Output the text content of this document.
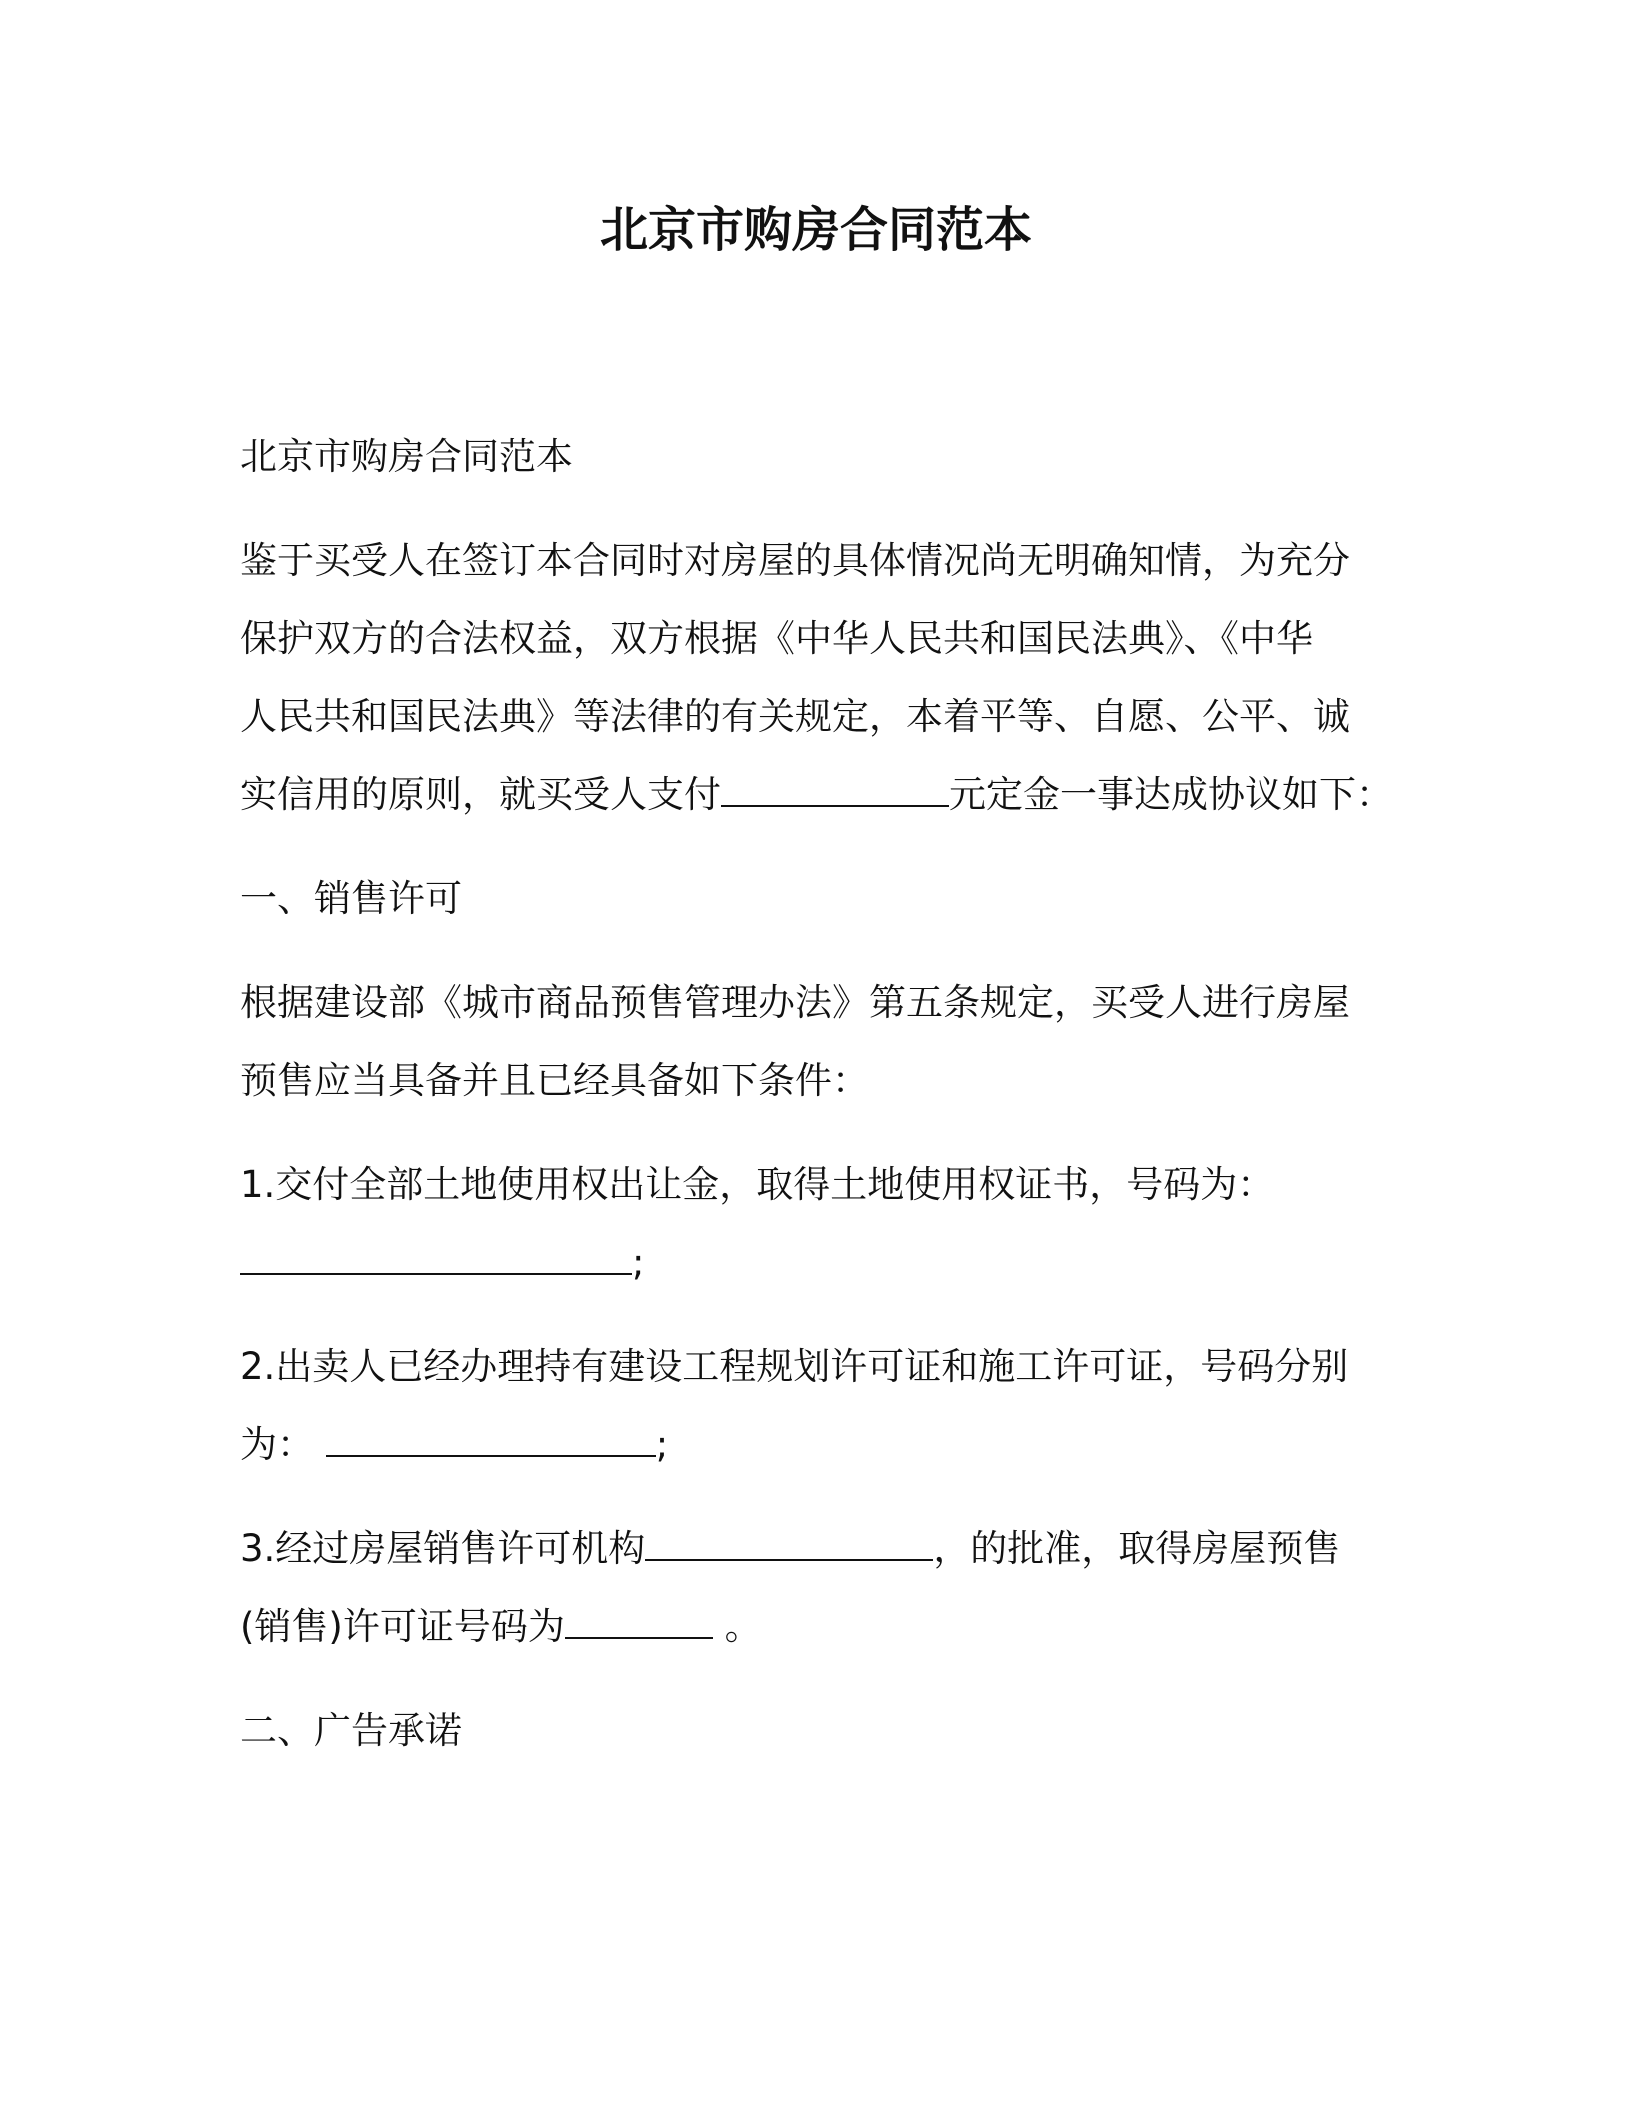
北京市购房合同范本

北京市购房合同范本

鉴于买受人在签订本合同时对房屋的具体情况尚无明确知情，为充分

保护双方的合法权益，双方根据《中华人民共和国民法典》、《中华

人民共和国民法典》等法律的有关规定，本着平等、自愿、公平、诚

实信用的原则，就买受人支付	元定金一事达成协议如下：

一、销售许可

根据建设部《城市商品预售管理办法》第五条规定，买受人进行房屋

预售应当具备并且已经具备如下条件：

1.交付全部土地使用权出让金，取得土地使用权证书，号码为：

;

2.出卖人已经办理持有建设工程规划许可证和施工许可证，号码分别

为：	;

3.经过房屋销售许可机构	，的批准，取得房屋预售

(销售)许可证号码为	。

二、广告承诺
